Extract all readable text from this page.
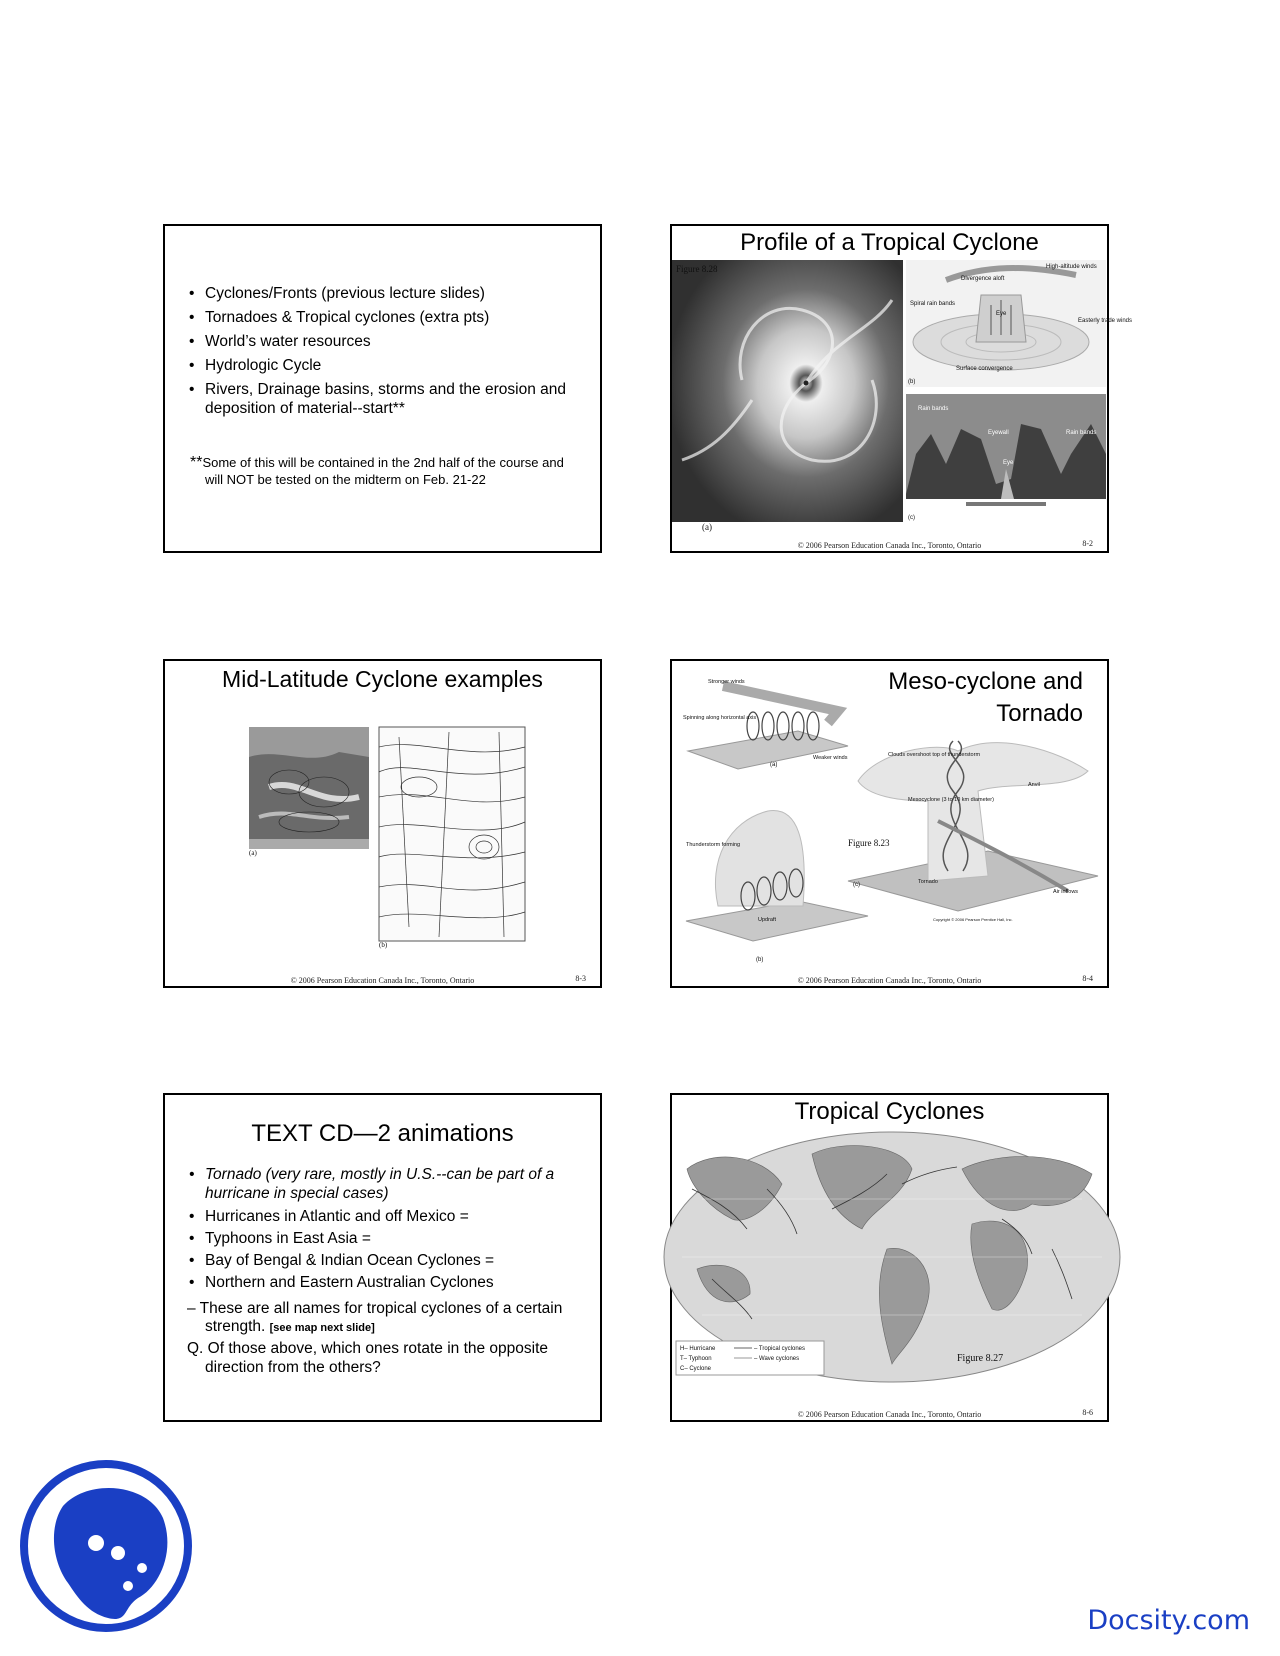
• Cyclones/Fronts (previous lecture slides)
• Tornadoes & Tropical cyclones (extra pts)
• World’s water resources
• Hydrologic Cycle
• Rivers, Drainage basins, storms and the erosion and deposition of material--start**
**Some of this will be contained in the 2nd half of the course and will NOT be tested on the midterm on Feb. 21-22
Profile of a Tropical Cyclone
Figure 8.28
(a)
High-altitude winds
Divergence aloft
Spiral rain bands
Eye
Easterly trade winds
Surface convergence
(b)
Rain bands
Eyewall	Rain bands
Eye
(c)
© 2006 Pearson Education Canada Inc., Toronto, Ontario	8-2
Mid-Latitude Cyclone examples
(a)
(b)
© 2006 Pearson Education Canada Inc., Toronto, Ontario	8-3
Meso-cyclone and
Tornado
Stronger winds
Spinning along horizontal axis
Weaker winds
(a)
Thunderstorm forming
Updraft
(b)
Clouds overshoot top of thunderstorm
Anvil
Mesocyclone (3 to 10 km diameter)
Tornado
Air inflows
(c)
Copyright © 2006 Pearson Prentice Hall, Inc.
Figure 8.23
© 2006 Pearson Education Canada Inc., Toronto, Ontario	8-4
TEXT CD—2 animations
• Tornado (very rare, mostly in U.S.--can be part of a hurricane in special cases)
• Hurricanes in Atlantic and off Mexico =
• Typhoons in East Asia =
• Bay of Bengal & Indian Ocean Cyclones =
• Northern and Eastern Australian Cyclones
– These are all names for tropical cyclones of a certain strength. [see map next slide]
Q. Of those above, which ones rotate in the opposite direction from the others?
Tropical Cyclones
H– Hurricane
T– Typhoon
C– Cyclone
– Tropical cyclones
– Wave cyclones	Figure 8.27
© 2006 Pearson Education Canada Inc., Toronto, Ontario	8-6
Docsity.com
